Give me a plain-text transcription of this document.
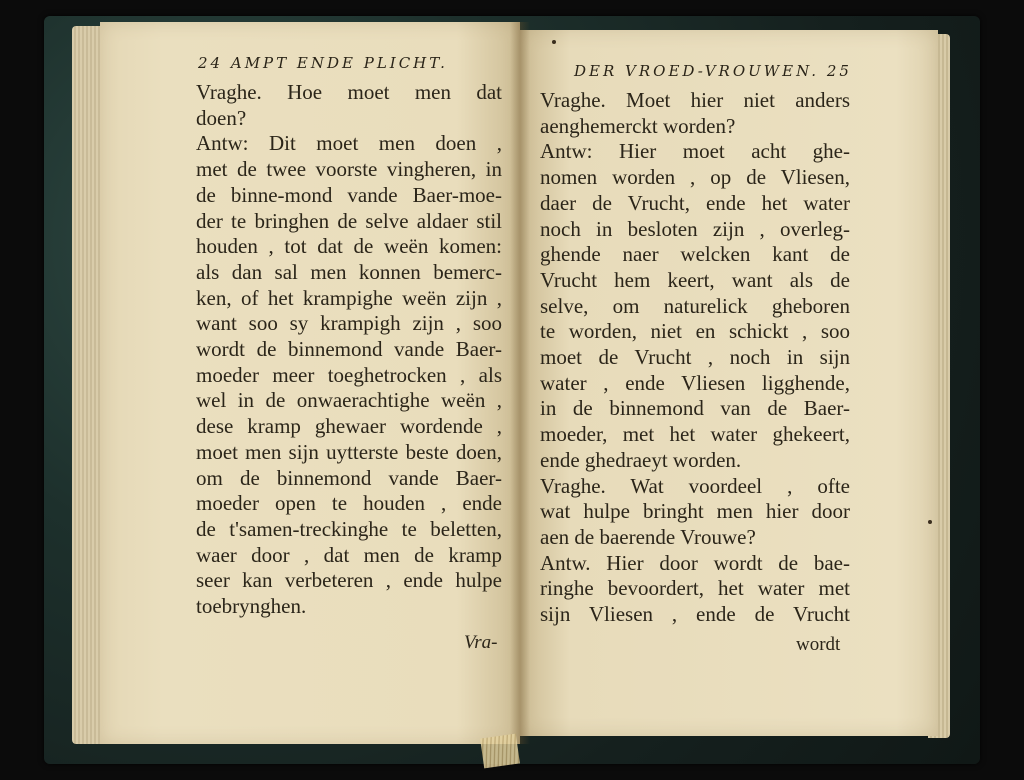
24 AMPT ENDE PLICHT.
Vraghe. Hoe moet men dat
doen?
Antw: Dit moet men doen ,
met de twee voorste vingheren, in
de binne-mond vande Baer-moe-
der te bringhen de selve aldaer stil
houden , tot dat de weën komen:
als dan sal men konnen bemerc-
ken, of het krampighe weën zijn ,
want soo sy krampigh zijn , soo
wordt de binnemond vande Baer-
moeder meer toeghetrocken , als
wel in de onwaerachtighe weën ,
dese kramp ghewaer wordende ,
moet men sijn uytterste beste doen,
om de binnemond vande Baer-
moeder open te houden , ende
de t'samen-treckinghe te beletten,
waer door , dat men de kramp
seer kan verbeteren , ende hulpe
toebrynghen.
Vra-
DER VROED-VROUWEN. 25
Vraghe. Moet hier niet anders
aenghemerckt worden?
Antw: Hier moet acht ghe-
nomen worden , op de Vliesen,
daer de Vrucht, ende het water
noch in besloten zijn , overleg-
ghende naer welcken kant de
Vrucht hem keert, want als de
selve, om naturelick gheboren
te worden, niet en schickt , soo
moet de Vrucht , noch in sijn
water , ende Vliesen ligghende,
in de binnemond van de Baer-
moeder, met het water ghekeert,
ende ghedraeyt worden.
Vraghe. Wat voordeel , ofte
wat hulpe bringht men hier door
aen de baerende Vrouwe?
Antw. Hier door wordt de bae-
ringhe bevoordert, het water met
sijn Vliesen , ende de Vrucht
wordt
